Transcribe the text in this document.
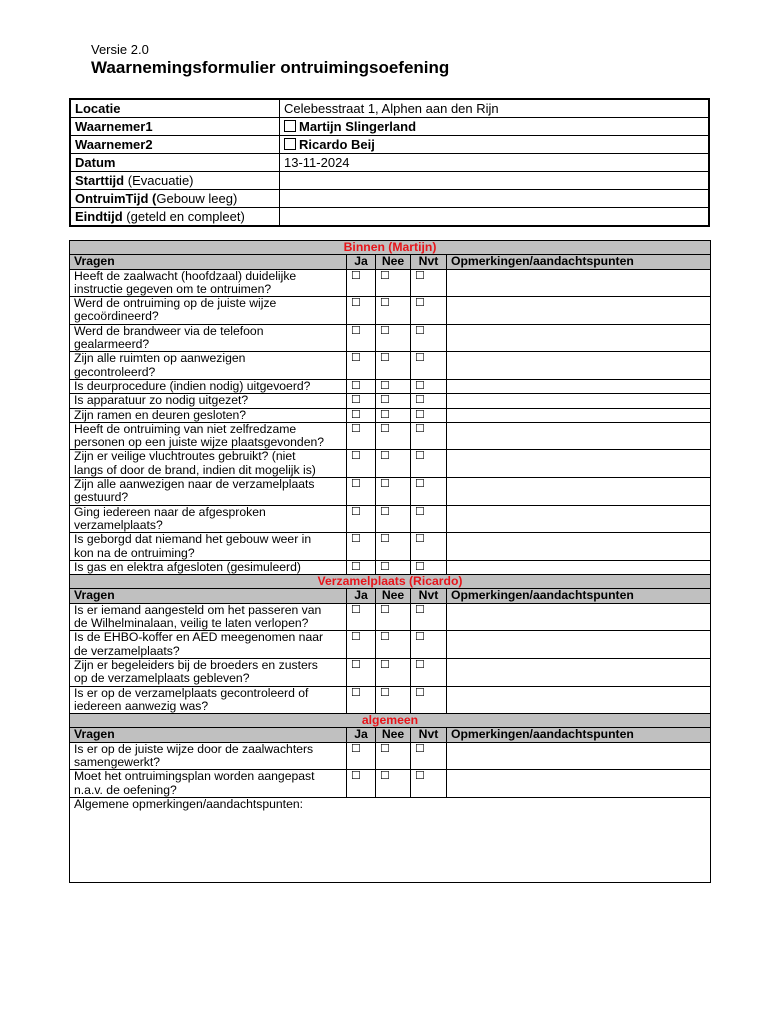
Versie 2.0
Waarnemingsformulier ontruimingsoefening
Locatie	Celebesstraat 1, Alphen aan den Rijn
Waarnemer1	Martijn Slingerland
Waarnemer2	Ricardo Beij
Datum	13-11-2024
Starttijd (Evacuatie)	
OntruimTijd (Gebouw leeg)	
Eindtijd (geteld en compleet)	
Binnen (Martijn)				
Vragen	Ja	Nee	Nvt	Opmerkingen/aandachtspunten

Heeft de zaalwacht (hoofdzaal) duidelijke
instructie gegeven om te ontruimen?	☐	☐	☐	

Werd de ontruiming op de juiste wijze
gecoördineerd?	☐	☐	☐	

Werd de brandweer via de telefoon
gealarmeerd?	☐	☐	☐	

Zijn alle ruimten op aanwezigen
gecontroleerd?	☐	☐	☐	

Is deurprocedure (indien nodig) uitgevoerd?	☐	☐	☐	

Is apparatuur zo nodig uitgezet?	☐	☐	☐	

Zijn ramen en deuren gesloten?	☐	☐	☐	

Heeft de ontruiming van niet zelfredzame
personen op een juiste wijze plaatsgevonden?	☐	☐	☐	

Zijn er veilige vluchtroutes gebruikt? (niet
langs of door de brand, indien dit mogelijk is)	☐	☐	☐	

Zijn alle aanwezigen naar de verzamelplaats
gestuurd?	☐	☐	☐	

Ging iedereen naar de afgesproken
verzamelplaats?	☐	☐	☐	

Is geborgd dat niemand het gebouw weer in
kon na de ontruiming?	☐	☐	☐	

Is gas en elektra afgesloten (gesimuleerd)	☐	☐	☐	
Verzamelplaats (Ricardo)				
Vragen	Ja	Nee	Nvt	Opmerkingen/aandachtspunten

Is er iemand aangesteld om het passeren van
de Wilhelminalaan, veilig te laten verlopen?	☐	☐	☐	

Is de EHBO-koffer en AED meegenomen naar
de verzamelplaats?	☐	☐	☐	

Zijn er begeleiders bij de broeders en zusters
op de verzamelplaats gebleven?	☐	☐	☐	

Is er op de verzamelplaats gecontroleerd of
iedereen aanwezig was?	☐	☐	☐	
algemeen				
Vragen	Ja	Nee	Nvt	Opmerkingen/aandachtspunten

Is er op de juiste wijze door de zaalwachters
samengewerkt?	☐	☐	☐	

Moet het ontruimingsplan worden aangepast
n.a.v. de oefening?	☐	☐	☐	
Algemene opmerkingen/aandachtspunten:				
